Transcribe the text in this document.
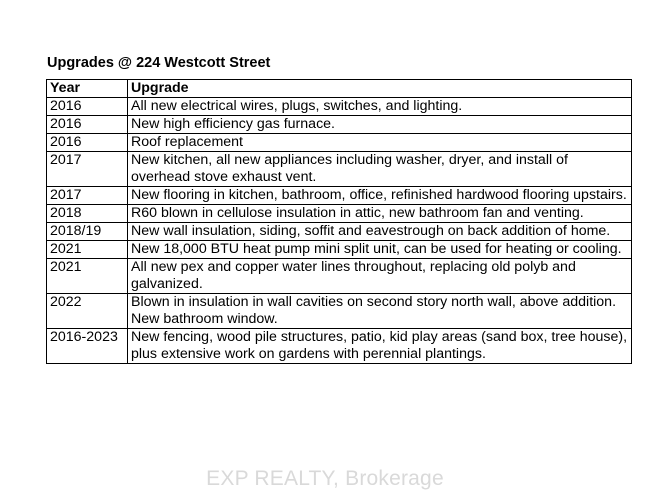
Upgrades @ 224 Westcott Street
Year	Upgrade
2016	All new electrical wires, plugs, switches, and lighting.
2016	New high efficiency gas furnace.
2016	Roof replacement
2017	New kitchen, all new appliances including washer, dryer, and install of overhead stove exhaust vent.
2017	New flooring in kitchen, bathroom, office, refinished hardwood flooring upstairs.
2018	R60 blown in cellulose insulation in attic, new bathroom fan and venting.
2018/19	New wall insulation, siding, soffit and eavestrough on back addition of home.
2021	New 18,000 BTU heat pump mini split unit, can be used for heating or cooling.
2021	All new pex and copper water lines throughout, replacing old polyb and galvanized.
2022	Blown in insulation in wall cavities on second story north wall, above addition. New bathroom window.
2016-2023	New fencing, wood pile structures, patio, kid play areas (sand box, tree house), plus extensive work on gardens with perennial plantings.
EXP REALTY, Brokerage
